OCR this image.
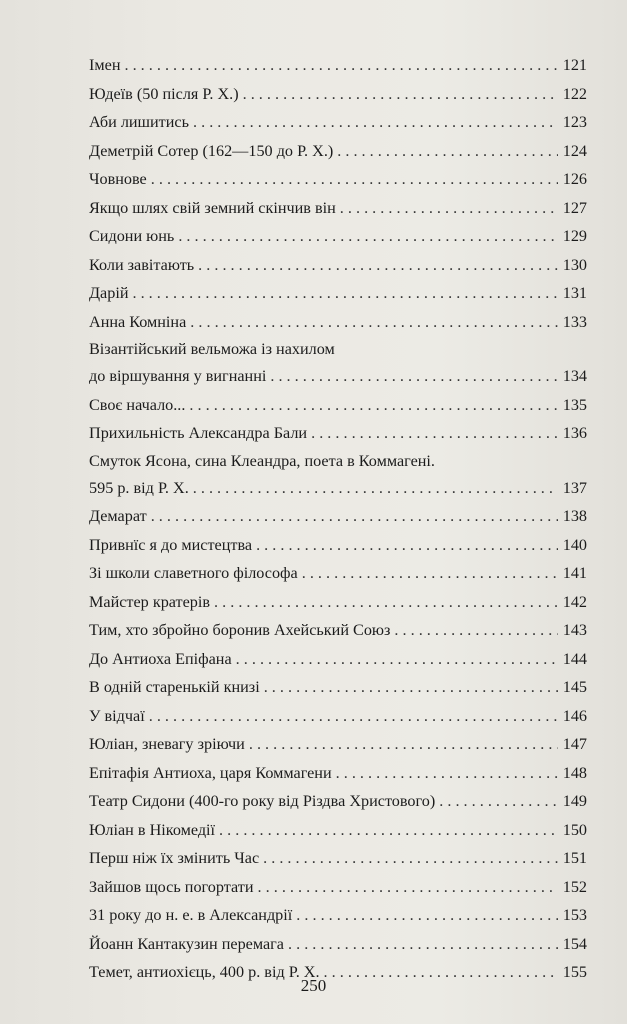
Імен . . .	121
Юдеїв (50 після Р. Х.) . . .	122
Аби лишитись . . .	123
Деметрій Сотер (162—150 до Р. Х.) . . .	124
Човнове . . .	126
Якщо шлях свій земний скінчив він . . .	127
Сидони юнь . . .	129
Коли завітають . . .	130
Дарій . . .	131
Анна Комніна . . .	133
Візантійський вельможа із нахилом
до віршування у вигнанні . . .	134
Своє начало... . . .	135
Прихильність Александра Бали . . .	136
Смуток Ясона, сина Клеандра, поета в Коммагені.
595 р. від Р. Х. . . .	137
Демарат . . .	138
Привнїс я до мистецтва . . .	140
Зі школи славетного філософа . . .	141
Майстер кратерів . . .	142
Тим, хто збройно боронив Ахейський Союз . . .	143
До Антиоха Епіфана . . .	144
В одній старенькій книзі . . .	145
У відчаї . . .	146
Юліан, зневагу зріючи . . .	147
Епітафія Антиоха, царя Коммагени . . .	148
Театр Сидони (400-го року від Різдва Христового) . . .	149
Юліан в Нікомедії . . .	150
Перш ніж їх змінить Час . . .	151
Зайшов щось погортати . . .	152
31 року до н. е. в Александрії . . .	153
Йоанн Кантакузин перемага . . .	154
Темет, антиохієць, 400 р. від Р. Х. . . .	155
250
